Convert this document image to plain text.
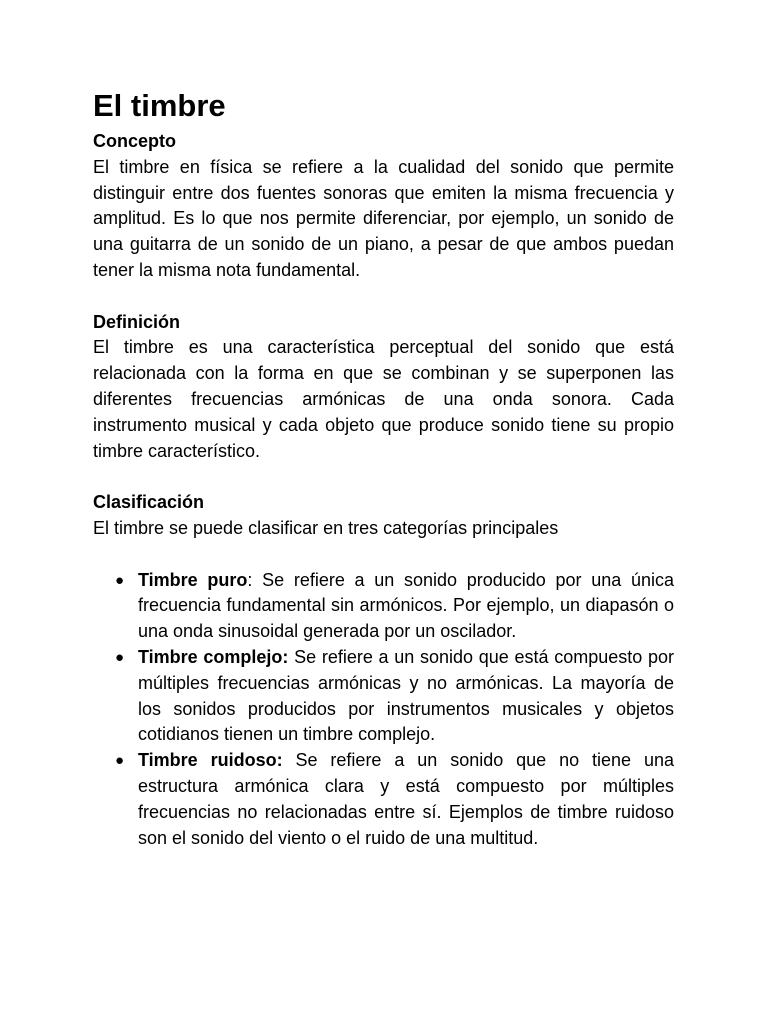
El timbre
Concepto

El timbre en física se refiere a la cualidad del sonido que permite distinguir entre dos fuentes sonoras que emiten la misma frecuencia y amplitud. Es lo que nos permite diferenciar, por ejemplo, un sonido de una guitarra de un sonido de un piano, a pesar de que ambos puedan tener la misma nota fundamental.

Definición

El timbre es una característica perceptual del sonido que está relacionada con la forma en que se combinan y se superponen las diferentes frecuencias armónicas de una onda sonora. Cada instrumento musical y cada objeto que produce sonido tiene su propio timbre característico.

Clasificación

El timbre se puede clasificar en tres categorías principales

● Timbre puro: Se refiere a un sonido producido por una única frecuencia fundamental sin armónicos. Por ejemplo, un diapasón o una onda sinusoidal generada por un oscilador.
● Timbre complejo: Se refiere a un sonido que está compuesto por múltiples frecuencias armónicas y no armónicas. La mayoría de los sonidos producidos por instrumentos musicales y objetos cotidianos tienen un timbre complejo.
● Timbre ruidoso: Se refiere a un sonido que no tiene una estructura armónica clara y está compuesto por múltiples frecuencias no relacionadas entre sí. Ejemplos de timbre ruidoso son el sonido del viento o el ruido de una multitud.
